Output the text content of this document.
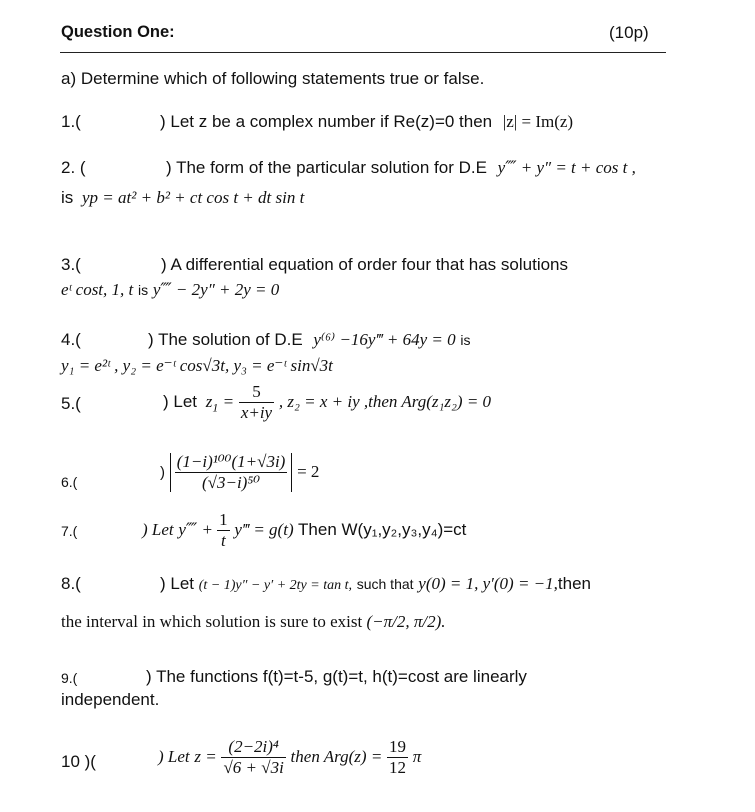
Question One:	(10p)
a) Determine which of following statements true or false.
1.(	) Let z be a complex number if Re(z)=0 then |z| = Im(z)
2. (	) The form of the particular solution for D.E y⁗ + y″ = t + cos t ,
is yp = at² + b² + ct cos t + dt sin t
3.(	) A differential equation of order four that has solutions
eᵗ cost, 1, t is y⁗ − 2y″ + 2y = 0
4.(	) The solution of D.E y⁽⁶⁾ −16y‴ + 64y = 0 is
y₁ = e²ᵗ , y₂ = e⁻ᵗ cos√3t, y₃ = e⁻ᵗ sin√3t
5.(	) Let $z_1 = \frac{5}{x+iy}$ , z₂ = x + iy ,then Arg(z₁z₂) = 0
6.(
) $\frac{\text{(1−i)¹⁰⁰(1+√3i)}}{\text{(√3−i)⁵⁰}} = 2$
7.(	) Let y⁗ + $\frac{1}{t}$ y‴ = g(t) Then W(y₁,y₂,y₃,y₄)=ct
8.(	) Let (t − 1)y″ − y′ + 2ty = tan t, such that y(0) = 1, y′(0) = −1,then
the interval in which solution is sure to exist (−π/2, π/2).
9.(	) The functions f(t)=t-5, g(t)=t, h(t)=cost are linearly
independent.
10 )(	) Let $z = \frac{\text{(2−2i)⁴}}{√6 + √3i}$ then $Arg(z) = \frac{19}{12}$ π
